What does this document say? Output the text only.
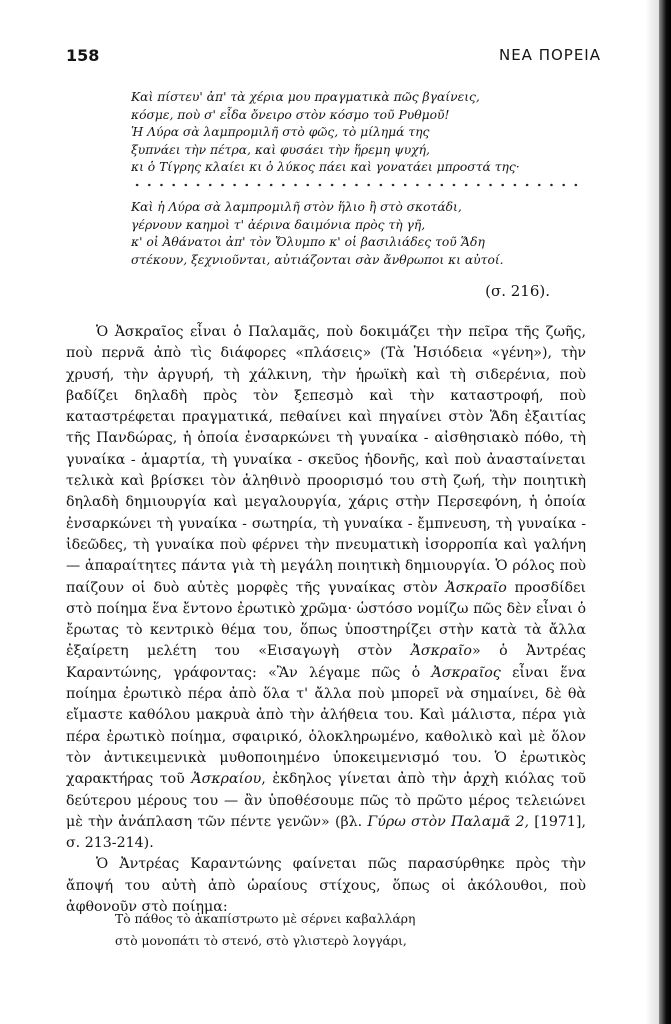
158	ΝΕΑ ΠΟΡΕΙΑ
Καὶ πίστευ' ἀπ' τὰ χέρια μου πραγματικὰ πῶς βγαίνεις,
κόσμε, ποὺ σ' εἶδα ὄνειρο στὸν κόσμο τοῦ Ρυθμοῦ!
Ἡ Λύρα σὰ λαμπρομιλῆ στὸ φῶς, τὸ μίλημά της
ξυπνάει τὴν πέτρα, καὶ φυσάει τὴν ἥρεμη ψυχή,
κι ὁ Τίγρης κλαίει κι ὁ λύκος πάει καὶ γονατάει μπροστά της·
Καὶ ἡ Λύρα σὰ λαμπρομιλῆ στὸν ἥλιο ἢ στὸ σκοτάδι,
γέρνουν καημοὶ τ' ἀέρινα δαιμόνια πρὸς τὴ γῆ,
κ' οἱ Ἀθάνατοι ἀπ' τὸν Ὄλυμπο κ' οἱ βασιλιάδες τοῦ Ἅδη
στέκουν, ξεχνιοῦνται, αὐτιάζονται σὰν ἄνθρωποι κι αὐτοί.
(σ. 216).

Ὁ Ἀσκραῖος εἶναι ὁ Παλαμᾶς, ποὺ δοκιμάζει τὴν πεῖρα τῆς ζωῆς, ποὺ περνᾶ ἀπὸ τὶς διάφορες «πλάσεις» (Τὰ Ἡσιόδεια «γένη»), τὴν χρυσή, τὴν ἀργυρή, τὴ χάλκινη, τὴν ἡρωϊκὴ καὶ τὴ σιδερένια, ποὺ βαδίζει δηλαδὴ πρὸς τὸν ξεπεσμὸ καὶ τὴν καταστροφή, ποὺ καταστρέφεται πραγματικά, πεθαίνει καὶ πηγαίνει στὸν Ἅδη ἐξαιτίας τῆς Πανδώρας, ἡ ὁποία ἐνσαρκώνει τὴ γυναίκα - αἰσθησιακὸ πόθο, τὴ γυναίκα - ἁμαρτία, τὴ γυναίκα - σκεῦος ἡδονῆς, καὶ ποὺ ἀνασταίνεται τελικὰ καὶ βρίσκει τὸν ἀληθινὸ προορισμό του στὴ ζωή, τὴν ποιητικὴ δηλαδὴ δημιουργία καὶ μεγαλουργία, χάρις στὴν Περσεφόνη, ἡ ὁποία ἐνσαρκώνει τὴ γυναίκα - σωτηρία, τὴ γυναίκα - ἔμπνευση, τὴ γυναίκα - ἰδεῶδες, τὴ γυναίκα ποὺ φέρνει τὴν πνευματικὴ ἰσορροπία καὶ γαλήνη — ἀπαραίτητες πάντα γιὰ τὴ μεγάλη ποιητικὴ δημιουργία. Ὁ ρόλος ποὺ παίζουν οἱ δυὸ αὐτὲς μορφὲς τῆς γυναίκας στὸν Ἀσκραῖο προσδίδει στὸ ποίημα ἕνα ἔντονο ἐρωτικὸ χρῶμα· ὡστόσο νομίζω πῶς δὲν εἶναι ὁ ἔρωτας τὸ κεντρικὸ θέμα του, ὅπως ὑποστηρίζει στὴν κατὰ τὰ ἄλλα ἐξαίρετη μελέτη του «Εισαγωγὴ στὸν Ἀσκραῖο» ὁ Ἀντρέας Καραντώνης, γράφοντας: «Ἂν λέγαμε πῶς ὁ Ἀσκραῖος εἶναι ἕνα ποίημα ἐρωτικὸ πέρα ἀπὸ ὅλα τ' ἄλλα ποὺ μπορεῖ νὰ σημαίνει, δὲ θὰ εἴμαστε καθόλου μακρυὰ ἀπὸ τὴν ἀλήθεια του. Καὶ μάλιστα, πέρα γιὰ πέρα ἐρωτικὸ ποίημα, σφαιρικό, ὁλοκληρωμένο, καθολικὸ καὶ μὲ ὅλον τὸν ἀντικειμενικὰ μυθοποιημένο ὑποκειμενισμό του. Ὁ ἐρωτικὸς χαρακτήρας τοῦ Ἀσκραίου, ἐκδηλος γίνεται ἀπὸ τὴν ἀρχὴ κιόλας τοῦ δεύτερου μέρους του — ἂν ὑποθέσουμε πῶς τὸ πρῶτο μέρος τελειώνει μὲ τὴν ἀνάπλαση τῶν πέντε γενῶν» (βλ. Γύρω στὸν Παλαμᾶ 2, [1971], σ. 213-214).

Ὁ Ἀντρέας Καραντώνης φαίνεται πῶς παρασύρθηκε πρὸς τὴν ἄποψή του αὐτὴ ἀπὸ ὡραίους στίχους, ὅπως οἱ ἀκόλουθοι, ποὺ ἀφθονοῦν στὸ ποίημα:

Τὸ πάθος τὸ ἀκαπίστρωτο μὲ σέρνει καβαλλάρη
στὸ μονοπάτι τὸ στενό, στὸ γλιστερὸ λογγάρι,
